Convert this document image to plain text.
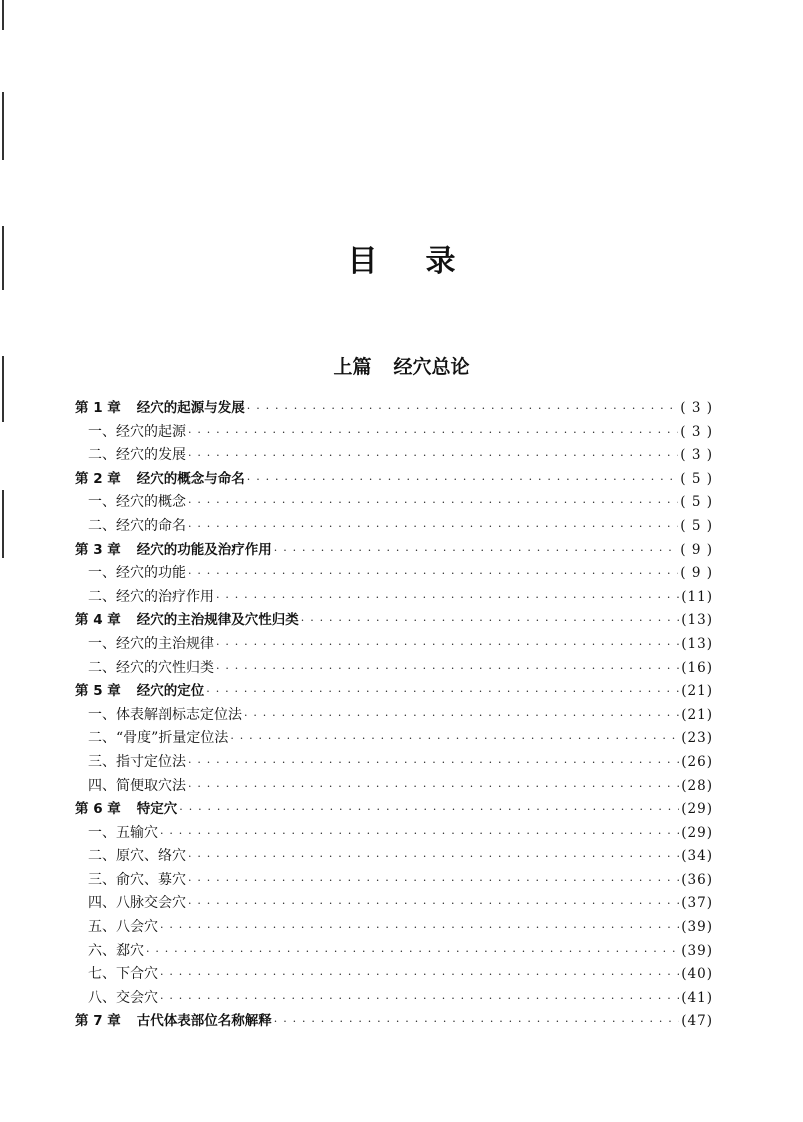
目录
上篇 经穴总论
第 1 章 经穴的起源与发展 · · ·	( 3 )
一、经穴的起源 · · ·	( 3 )
二、经穴的发展 · · ·	( 3 )
第 2 章 经穴的概念与命名 · · ·	( 5 )
一、经穴的概念 · · ·	( 5 )
二、经穴的命名 · · ·	( 5 )
第 3 章 经穴的功能及治疗作用 · · ·	( 9 )
一、经穴的功能 · · ·	( 9 )
二、经穴的治疗作用 · · ·	(11)
第 4 章 经穴的主治规律及穴性归类 · · ·	(13)
一、经穴的主治规律 · · ·	(13)
二、经穴的穴性归类 · · ·	(16)
第 5 章 经穴的定位 · · ·	(21)
一、体表解剖标志定位法 · · ·	(21)
二、“骨度”折量定位法 · · ·	(23)
三、指寸定位法 · · ·	(26)
四、简便取穴法 · · ·	(28)
第 6 章 特定穴 · · ·	(29)
一、五输穴 · · ·	(29)
二、原穴、络穴 · · ·	(34)
三、俞穴、募穴 · · ·	(36)
四、八脉交会穴 · · ·	(37)
五、八会穴 · · ·	(39)
六、郄穴 · · ·	(39)
七、下合穴 · · ·	(40)
八、交会穴 · · ·	(41)
第 7 章 古代体表部位名称解释 · · ·	(47)
